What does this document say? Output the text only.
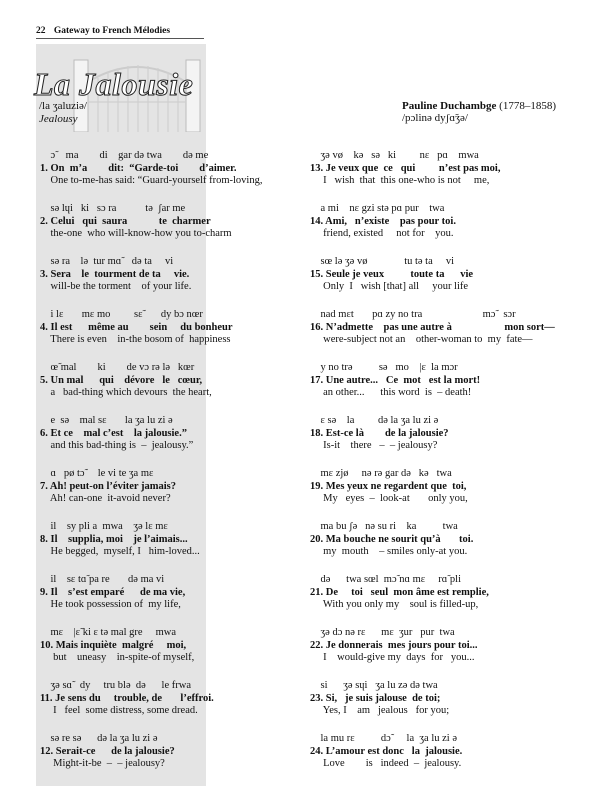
22 Gateway to French Mélodies
La Jalousie
/la ʒaluziə/
Jealousy
Pauline Duchambge (1778–1858)
/pɔlinə dyʃɑ̃ʒə/
ɔ̃    ma        di    gar də twa        də me
1. On  m’a        dit:  “Garde-toi        d’aimer.
One to-me-has said: “Guard-yourself from-loving,
sə lɥi   ki   sɔ ra           tə  ʃar me
2. Celui   qui  saura            te  charmer
the-one  who will-know-how you to-charm
sə ra    lə  tur mɑ̃    də ta     vi
3. Sera    le  tourment de ta     vie.
will-be the torment    of your life.
i lɛ       mɛ mo         sɛ̃       dy bɔ nœr
4. Il est      même au        sein     du bonheur
There is even    in-the bosom of  happiness
œ̃ mal        ki        de vɔ rə lə   kœr
5. Un mal      qui    dévore   le   cœur,
a   bad-thing which devours  the heart,
e  sə    mal sɛ       la ʒa lu zi ə
6. Et ce    mal c’est    la jalousie.”
and this bad-thing is  –  jealousy.”
ɑ   pø tɔ̃     le vi te ʒa mɛ
7. Ah! peut-on l’éviter jamais?
Ah! can-one  it-avoid never?
il    sy pli a  mwa    ʒə lɛ mɛ
8. Il    supplia, moi    je l’aimais...
He begged,  myself, I   him-loved...
il    sɛ tɑ̃ pa re       də ma vi
9. Il    s’est emparé      de ma vie,
He took possession of  my life,
mɛ    |ɛ̃ ki ɛ tə mal gre     mwa
10. Mais inquiète  malgré     moi,
but    uneasy    in-spite-of myself,
ʒə sɑ̃   dy     tru blə  də      le frwa
11. Je sens du     trouble, de       l’effroi.
I   feel  some distress, some dread.
sə re sə      də la ʒa lu zi ə
12. Serait-ce      de la jalousie?
Might-it-be  –  – jealousy?
ʒə vø    kə   sə   ki         nɛ   pɑ    mwa
13. Je veux que  ce   qui         n’est pas moi,
I   wish  that  this one-who is not     me,
a mi    nɛ gzi stə pɑ pur    twa
14. Ami,   n’existe    pas pour toi.
friend, existed     not for    you.
sœ lə ʒə vø              tu tə ta     vi
15. Seule je veux          toute ta      vie
Only  I   wish [that] all     your life
nad mɛt       pɑ zy no tra                       mɔ̃   sɔr
16. N’admette    pas une autre à                    mon sort—
were-subject not an    other-woman to  my  fate—
y no trə          sə   mo    |ɛ  la mɔr
17. Une autre...   Ce  mot   est la mort!
an other...      this word  is  – death!
ɛ sə    la         də la ʒa lu zi ə
18. Est-ce là        de la jalousie?
Is-it    there   –  – jealousy?
mɛ zjø     nə rə gar də   kə   twa
19. Mes yeux ne regardent que  toi,
My   eyes  –  look-at       only you,
ma bu ʃə   nə su ri    ka          twa
20. Ma bouche ne sourit qu’à       toi.
my  mouth    – smiles only-at you.
də      twa sœl  mɔ̃ nɑ mɛ     rɑ̃ pli
21. De     toi   seul  mon âme est remplie,
With you only my    soul is filled-up,
ʒə dɔ nə rɛ      mɛ  ʒur   pur  twa
22. Je donnerais  mes jours pour toi...
I    would-give my  days  for   you...
si      ʒə sɥi   ʒa lu zə də twa
23. Si,   je suis jalouse  de toi;
Yes, I    am   jealous   for you;
la mu rɛ          dɔ̃      la  ʒa lu zi ə
24. L’amour est donc   la  jalousie.
Love        is   indeed  –  jealousy.
